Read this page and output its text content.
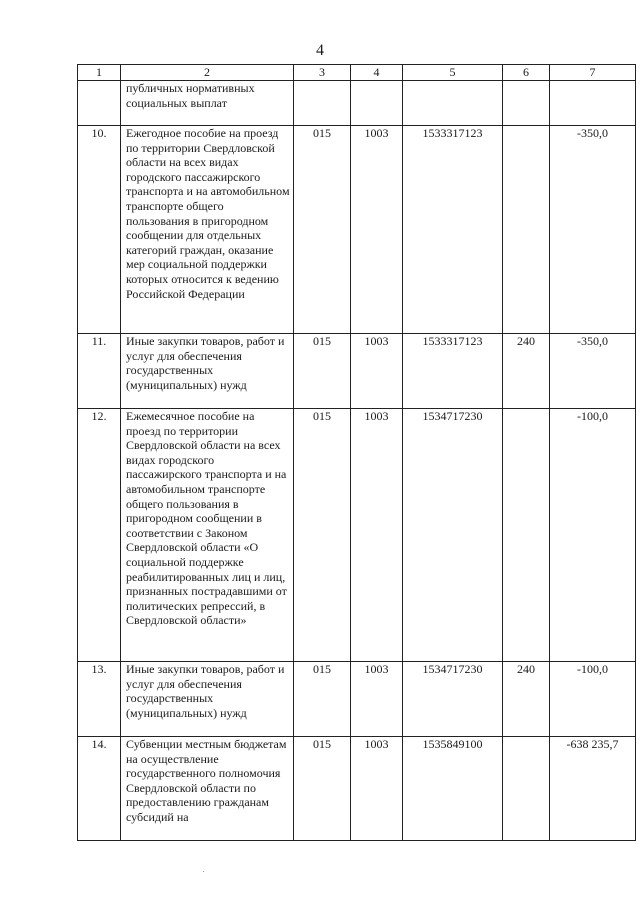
4
1	2	3	4	5	6	7
	публичных нормативных социальных выплат					
10.	Ежегодное пособие на проезд по территории Свердловской области на всех видах городского пассажирского транспорта и на автомобильном транспорте общего пользования в пригородном сообщении для отдельных категорий граждан, оказание мер социальной поддержки которых относится к ведению Российской Федерации	015	1003	1533317123		-350,0
11.	Иные закупки товаров, работ и услуг для обеспечения государственных (муниципальных) нужд	015	1003	1533317123	240	-350,0
12.	Ежемесячное пособие на проезд по территории Свердловской области на всех видах городского пассажирского транспорта и на автомобильном транспорте общего пользования в пригородном сообщении в соответствии с Законом Свердловской области «О социальной поддержке реабилитированных лиц и лиц, признанных пострадавшими от политических репрессий, в Свердловской области»	015	1003	1534717230		-100,0
13.	Иные закупки товаров, работ и услуг для обеспечения государственных (муниципальных) нужд	015	1003	1534717230	240	-100,0
14.	Субвенции местным бюджетам на осуществление государственного полномочия Свердловской области по предоставлению гражданам субсидий на	015	1003	1535849100		-638 235,7
